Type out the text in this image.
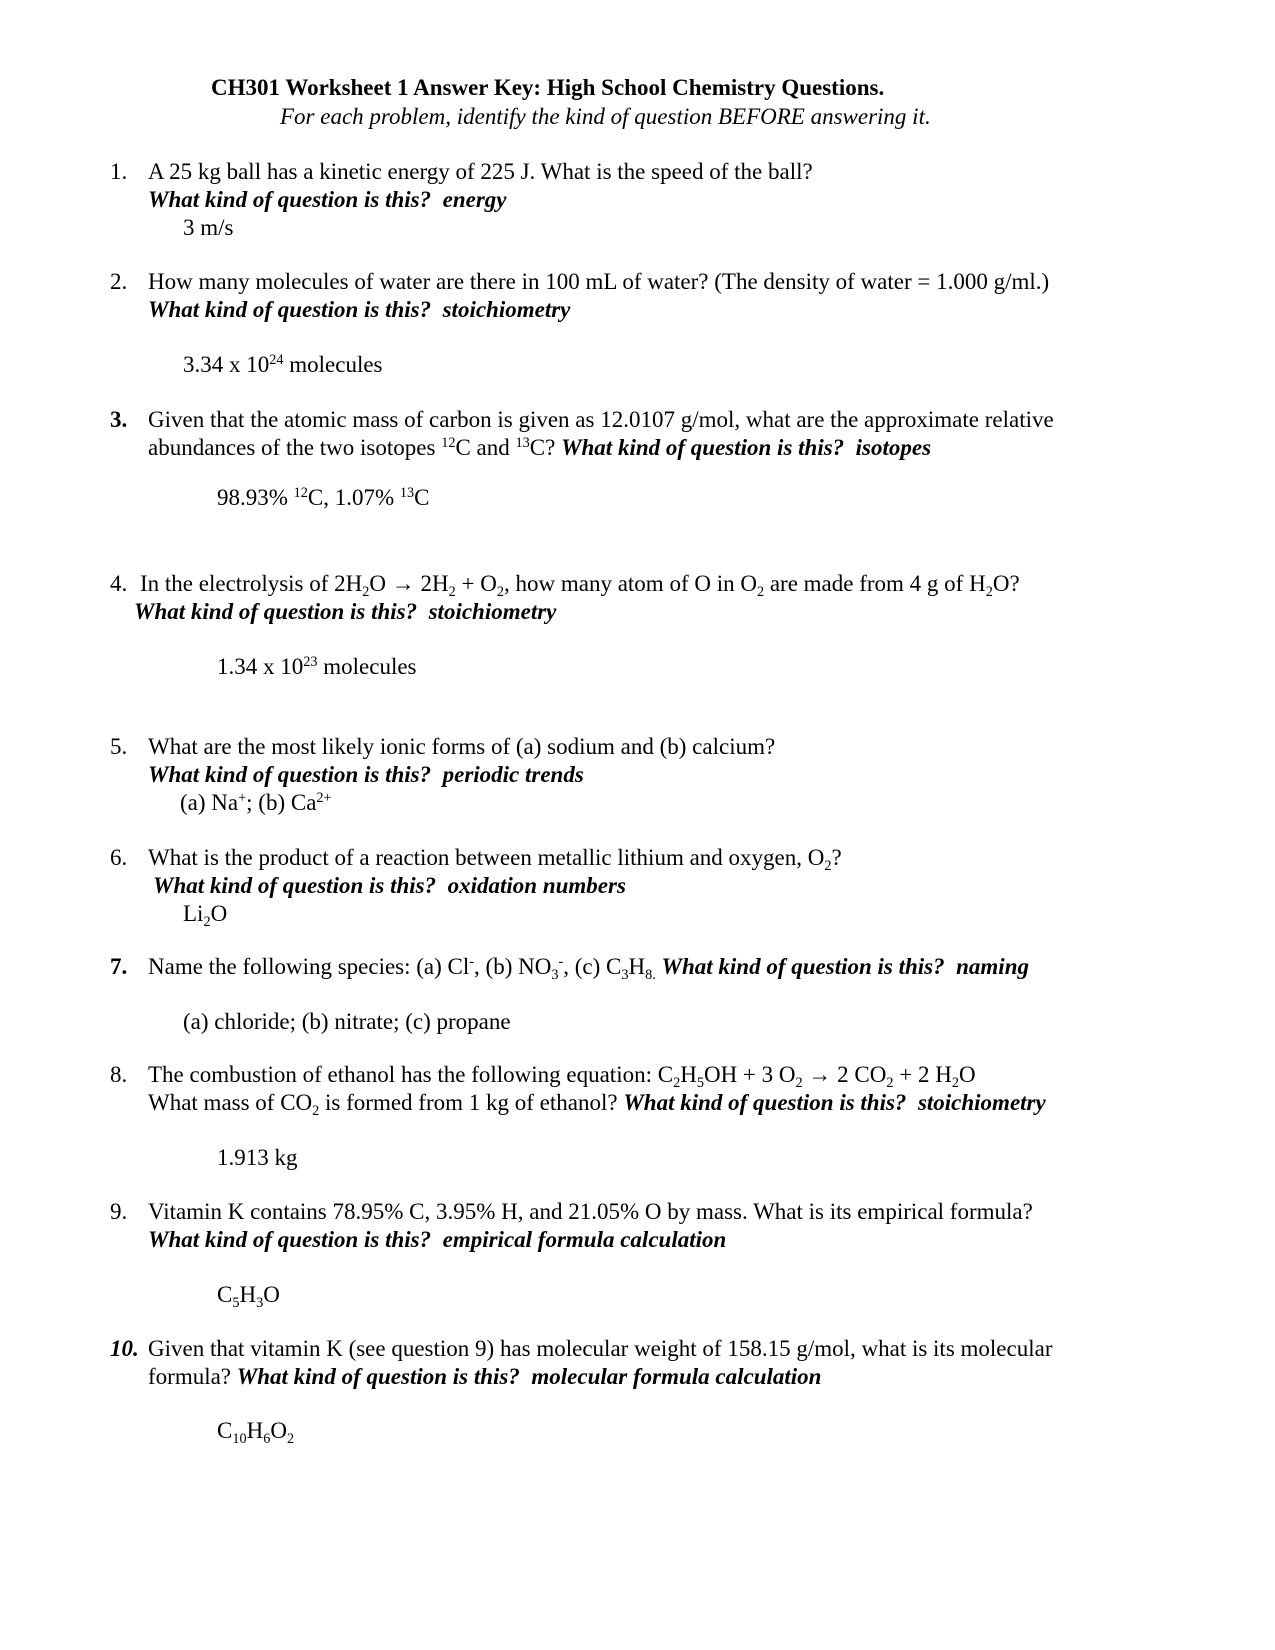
CH301 Worksheet 1 Answer Key: High School Chemistry Questions.
For each problem, identify the kind of question BEFORE answering it.
1. A 25 kg ball has a kinetic energy of 225 J. What is the speed of the ball?
What kind of question is this? energy
3 m/s
2. How many molecules of water are there in 100 mL of water? (The density of water = 1.000 g/ml.)
What kind of question is this? stoichiometry
3.34 x $10^{24}$ molecules
3. Given that the atomic mass of carbon is given as 12.0107 g/mol, what are the approximate relative
abundances of the two isotopes $^{12}$C and $^{13}$C? What kind of question is this? isotopes
98.93% $^{12}$C, 1.07% $^{13}$C
4. In the electrolysis of $2H_2O \to 2H_2 + O_2$, how many atom of O in $O_2$ are made from 4 g of $H_2O$?
What kind of question is this? stoichiometry
1.34 x $10^{23}$ molecules
5. What are the most likely ionic forms of (a) sodium and (b) calcium?
What kind of question is this? periodic trends
(a) Na+; (b) $Ca^{2+}$
6. What is the product of a reaction between metallic lithium and oxygen, $O_2$?
What kind of question is this? oxidation numbers
$Li_2O$
7. Name the following species: (a) Cl-, (b) $NO_3^-$, (c) $C_3H_{8.}$ What kind of question is this? naming
(a) chloride; (b) nitrate; (c) propane
8. The combustion of ethanol has the following equation: $C_2H_5OH + 3$ $O_2 \to 2$ $CO_2 + 2$ $H_2O$
What mass of $CO_2$ is formed from 1 kg of ethanol? What kind of question is this? stoichiometry
1.913 kg
9. Vitamin K contains 78.95% C, 3.95% H, and 21.05% O by mass. What is its empirical formula?
What kind of question is this? empirical formula calculation
$C_5H_3O$
10. Given that vitamin K (see question 9) has molecular weight of 158.15 g/mol, what is its molecular
formula? What kind of question is this? molecular formula calculation
$C_{10}H_6O_2$
